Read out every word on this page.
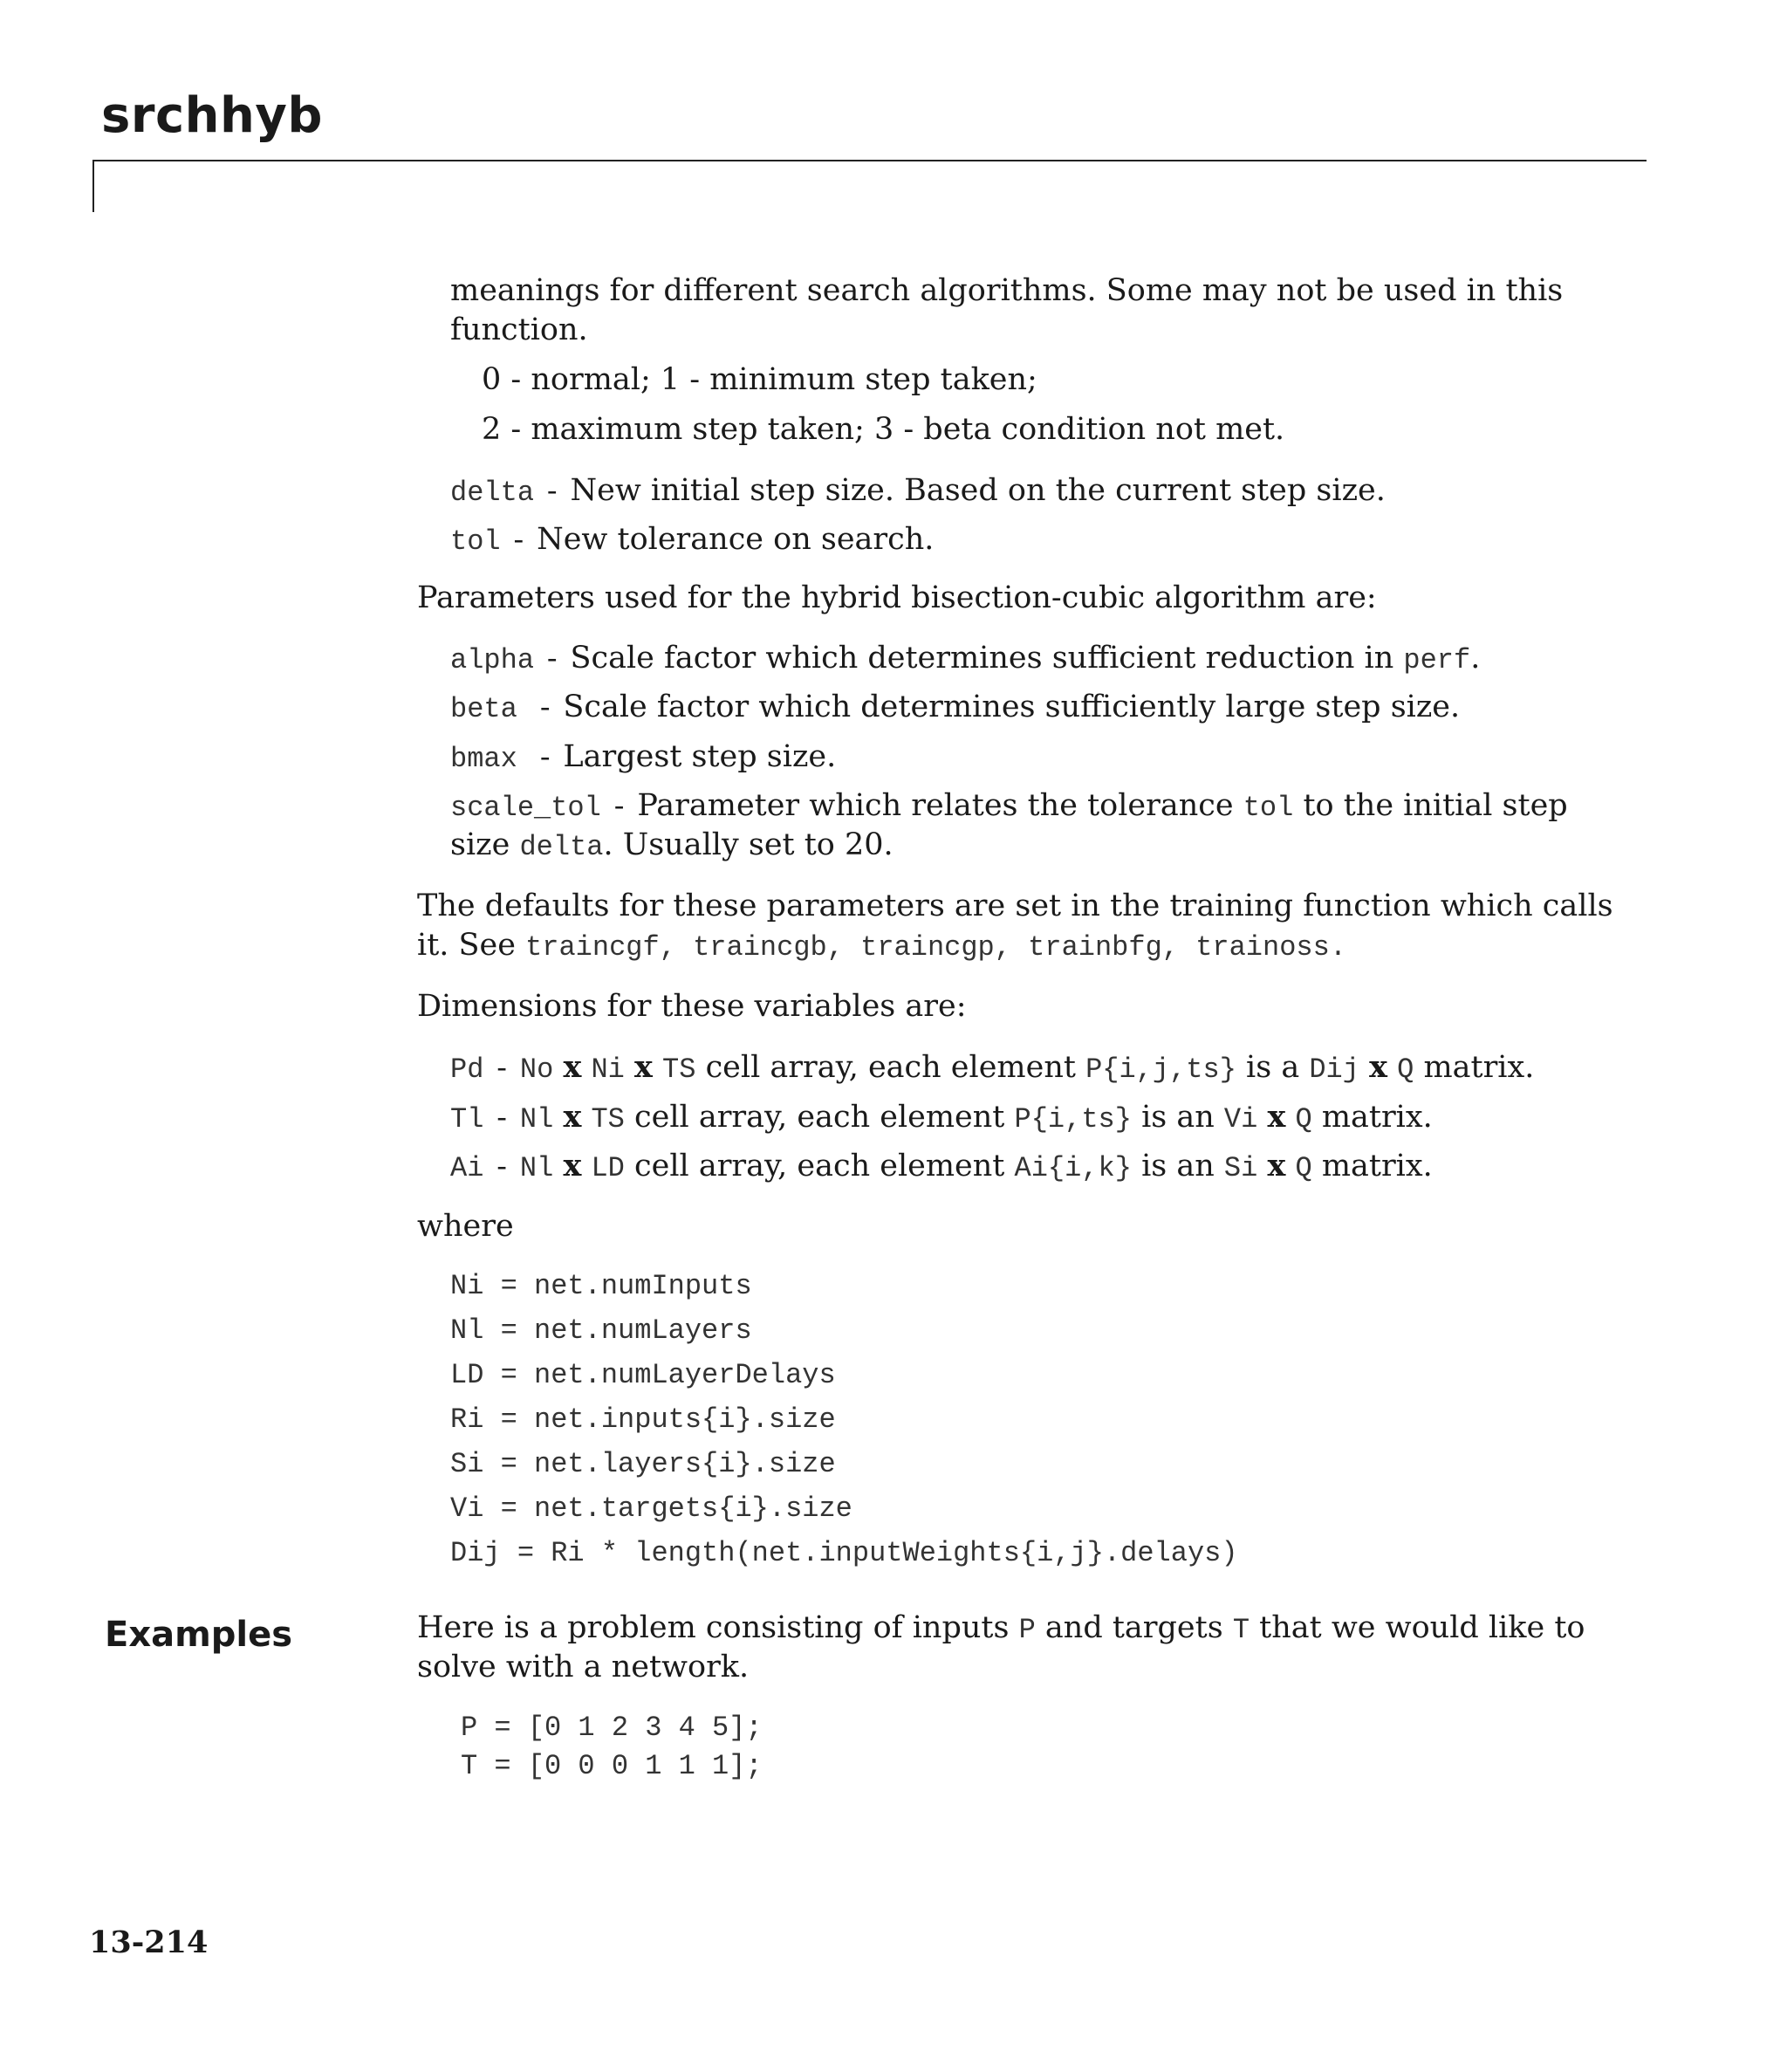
srchhyb

meanings for different search algorithms. Some may not be used in this

function.

0 - normal; 1 - minimum step taken;

2 - maximum step taken; 3 - beta condition not met.

delta - New initial step size. Based on the current step size.

tol - New tolerance on search.

Parameters used for the hybrid bisection-cubic algorithm are:

alpha - Scale factor which determines sufficient reduction in perf.

beta - Scale factor which determines sufficiently large step size.

bmax - Largest step size.

scale_tol - Parameter which relates the tolerance tol to the initial step

size delta. Usually set to 20.

The defaults for these parameters are set in the training function which calls

it. See traincgf, traincgb, traincgp, trainbfg, trainoss.

Dimensions for these variables are:

Pd - No x Ni x TS cell array, each element P{i,j,ts} is a Dij x Q matrix.

Tl - Nl x TS cell array, each element P{i,ts} is an Vi x Q matrix.

Ai - Nl x LD cell array, each element Ai{i,k} is an Si x Q matrix.

where

Ni = net.numInputs

Nl = net.numLayers

LD = net.numLayerDelays

Ri = net.inputs{i}.size

Si = net.layers{i}.size

Vi = net.targets{i}.size

Dij = Ri * length(net.inputWeights{i,j}.delays)

Examples	Here is a problem consisting of inputs P and targets T that we would like to

solve with a network.

P = [0 1 2 3 4 5];

T = [0 0 0 1 1 1];

13-214
